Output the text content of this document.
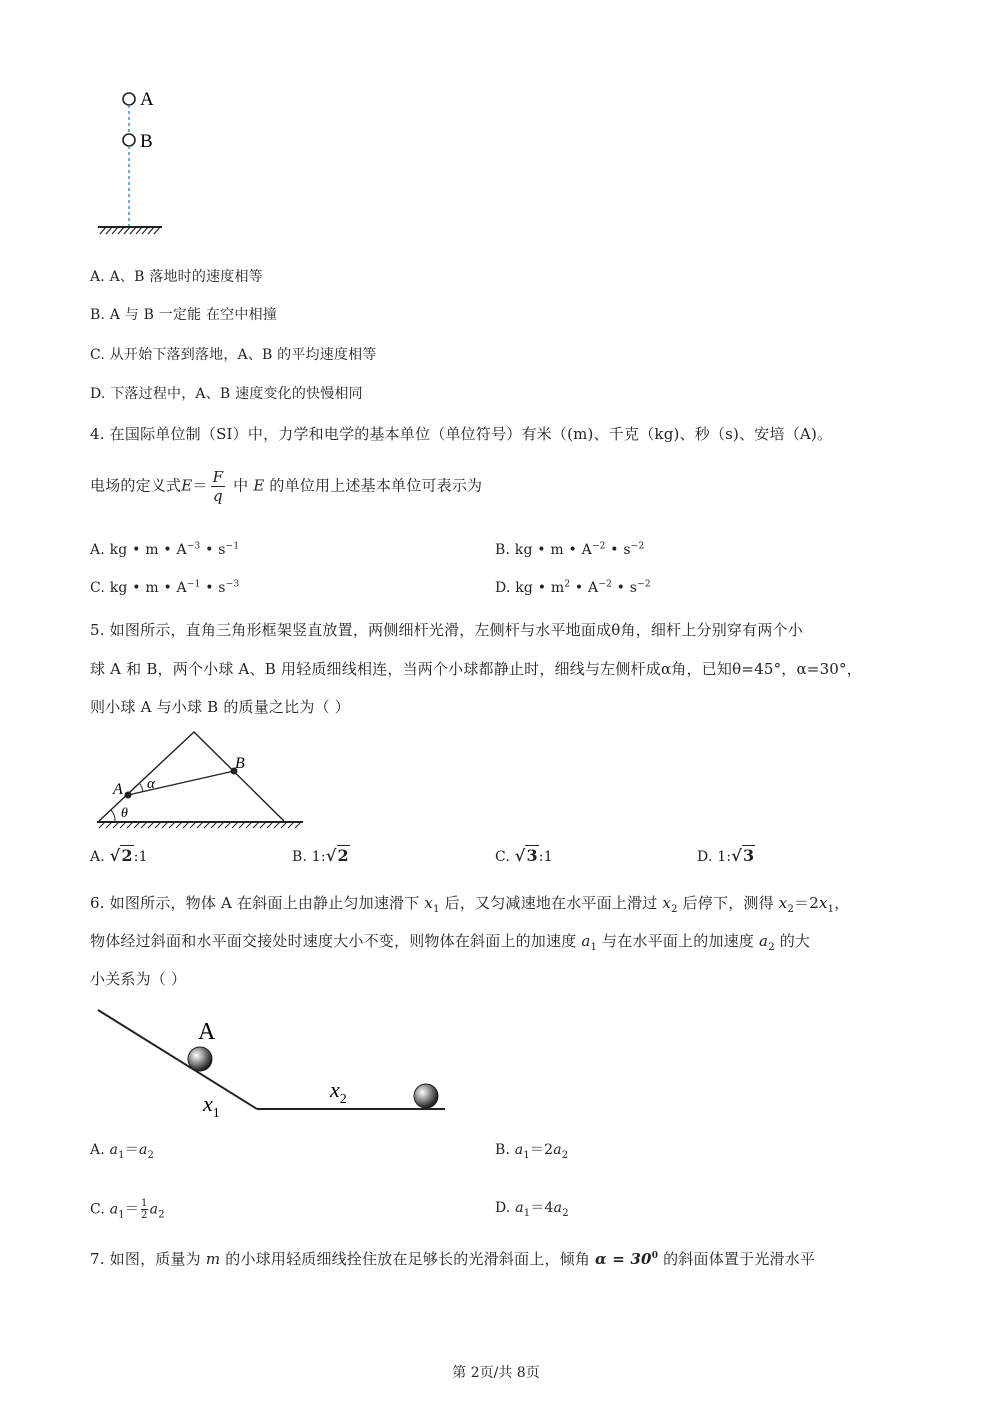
A
B
A. A、B 落地时的速度相等
B. A 与 B 一定能 在空中相撞
C. 从开始下落到落地，A、B 的平均速度相等
D. 下落过程中，A、B 速度变化的快慢相同
4. 在国际单位制（SI）中，力学和电学的基本单位（单位符号）有米（(m)、千克（kg)、秒（s)、安培（A)。
电场的定义式$E= \frac{F}{q}$ 中 E 的单位用上述基本单位可表示为
A. kg • m • $A^{-3}$ • $s^{-1}$	B. kg • m • $A^{-2}$ • $s^{-2}$
C. kg • m • $A^{-1}$ • $s^{-3}$	D. kg • $m^2$ • $A^{-2}$ • $s^{-2}$
5. 如图所示，直角三角形框架竖直放置，两侧细杆光滑，左侧杆与水平地面成θ角，细杆上分别穿有两个小
球 A 和 B，两个小球 A、B 用轻质细线相连，当两个小球都静止时，细线与左侧杆成α角，已知θ=45°，α=30°，
则小球 A 与小球 B 的质量之比为（ ）
A
B
α
θ
A. √2:1	B. 1:√2	C. √3:1	D. 1:√3
6. 如图所示，物体 A 在斜面上由静止匀加速滑下 $x_1$ 后，又匀减速地在水平面上滑过 $x_2$ 后停下，测得 $x_2=2x_1$，
物体经过斜面和水平面交接处时速度大小不变，则物体在斜面上的加速度 $a_1$ 与在水平面上的加速度 $a_2$ 的大
小关系为（ ）
A
$x_1$
$x_2$
A. $a_1=a_2$	B. $a_1=2a_2$
C. $a_1= \frac{1}{2} a_2$	D. $a_1=4a_2$
7. 如图，质量为 m 的小球用轻质细线拴住放在足够长的光滑斜面上，倾角 $\alpha = 30^0$ 的斜面体置于光滑水平
第 2页/共 8页
